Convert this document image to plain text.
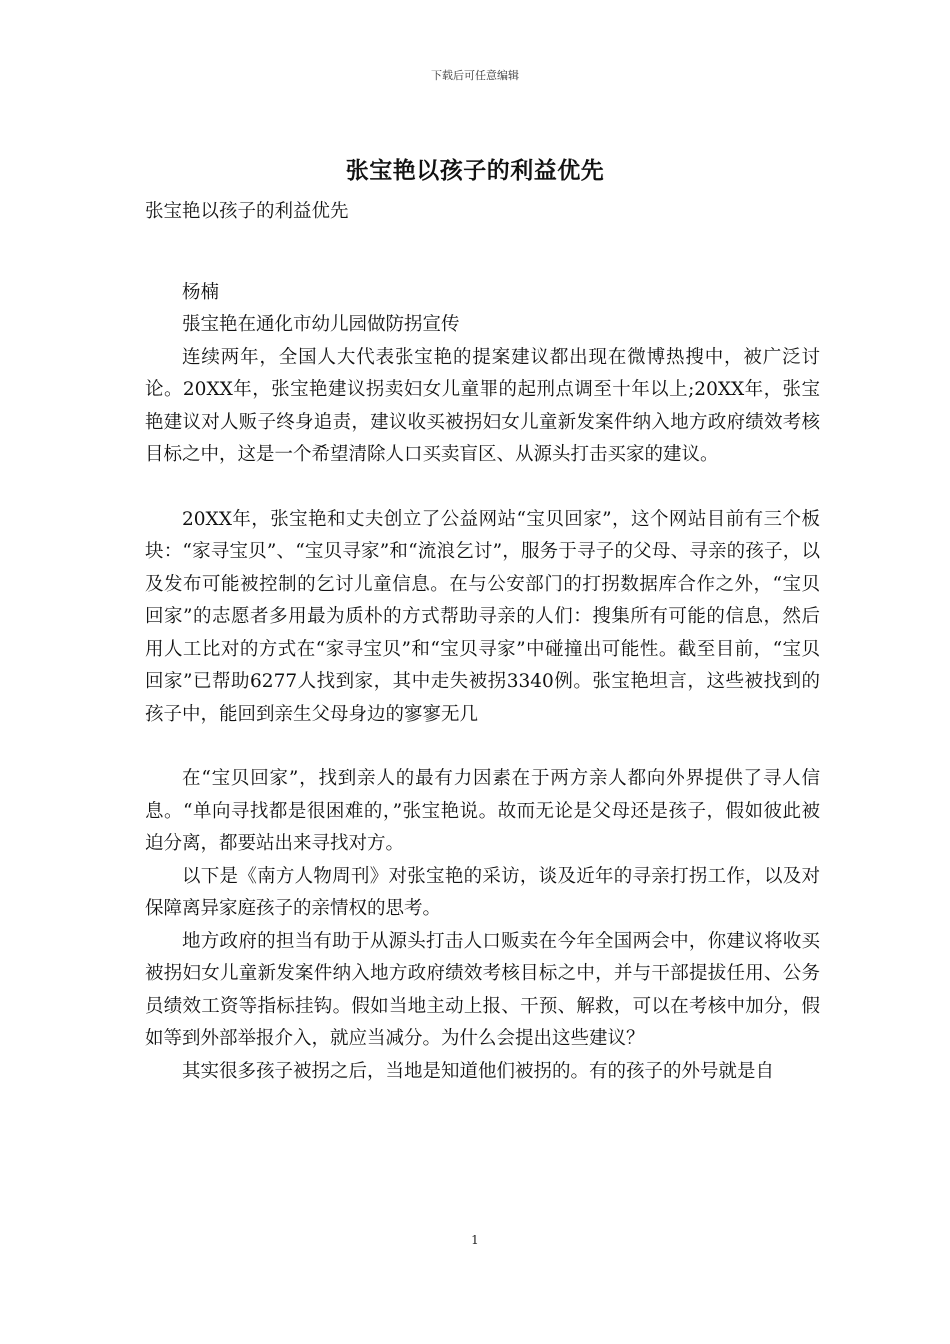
下载后可任意编辑
张宝艳以孩子的利益优先

张宝艳以孩子的利益优先

杨楠

張宝艳在通化市幼儿园做防拐宣传

连续两年，全国人大代表张宝艳的提案建议都出现在微博热搜中，被广泛讨论。20XX年，张宝艳建议拐卖妇女儿童罪的起刑点调至十年以上;20XX年，张宝艳建议对人贩子终身追责，建议收买被拐妇女儿童新发案件纳入地方政府绩效考核目标之中，这是一个希望清除人口买卖盲区、从源头打击买家的建议。

20XX年，张宝艳和丈夫创立了公益网站“宝贝回家”，这个网站目前有三个板块：“家寻宝贝”、“宝贝寻家”和“流浪乞讨”，服务于寻子的父母、寻亲的孩子，以及发布可能被控制的乞讨儿童信息。在与公安部门的打拐数据库合作之外，“宝贝回家”的志愿者多用最为质朴的方式帮助寻亲的人们：搜集所有可能的信息，然后用人工比对的方式在“家寻宝贝”和“宝贝寻家”中碰撞出可能性。截至目前，“宝贝回家”已帮助6277人找到家，其中走失被拐3340例。张宝艳坦言，这些被找到的孩子中，能回到亲生父母身边的寥寥无几

在“宝贝回家”，找到亲人的最有力因素在于两方亲人都向外界提供了寻人信息。“单向寻找都是很困难的，”张宝艳说。故而无论是父母还是孩子，假如彼此被迫分离，都要站出来寻找对方。

以下是《南方人物周刊》对张宝艳的采访，谈及近年的寻亲打拐工作，以及对保障离异家庭孩子的亲情权的思考。

地方政府的担当有助于从源头打击人口贩卖在今年全国两会中，你建议将收买被拐妇女儿童新发案件纳入地方政府绩效考核目标之中，并与干部提拔任用、公务员绩效工资等指标挂钩。假如当地主动上报、干预、解救，可以在考核中加分，假如等到外部举报介入，就应当减分。为什么会提出这些建议？

其实很多孩子被拐之后，当地是知道他们被拐的。有的孩子的外号就是自

1
